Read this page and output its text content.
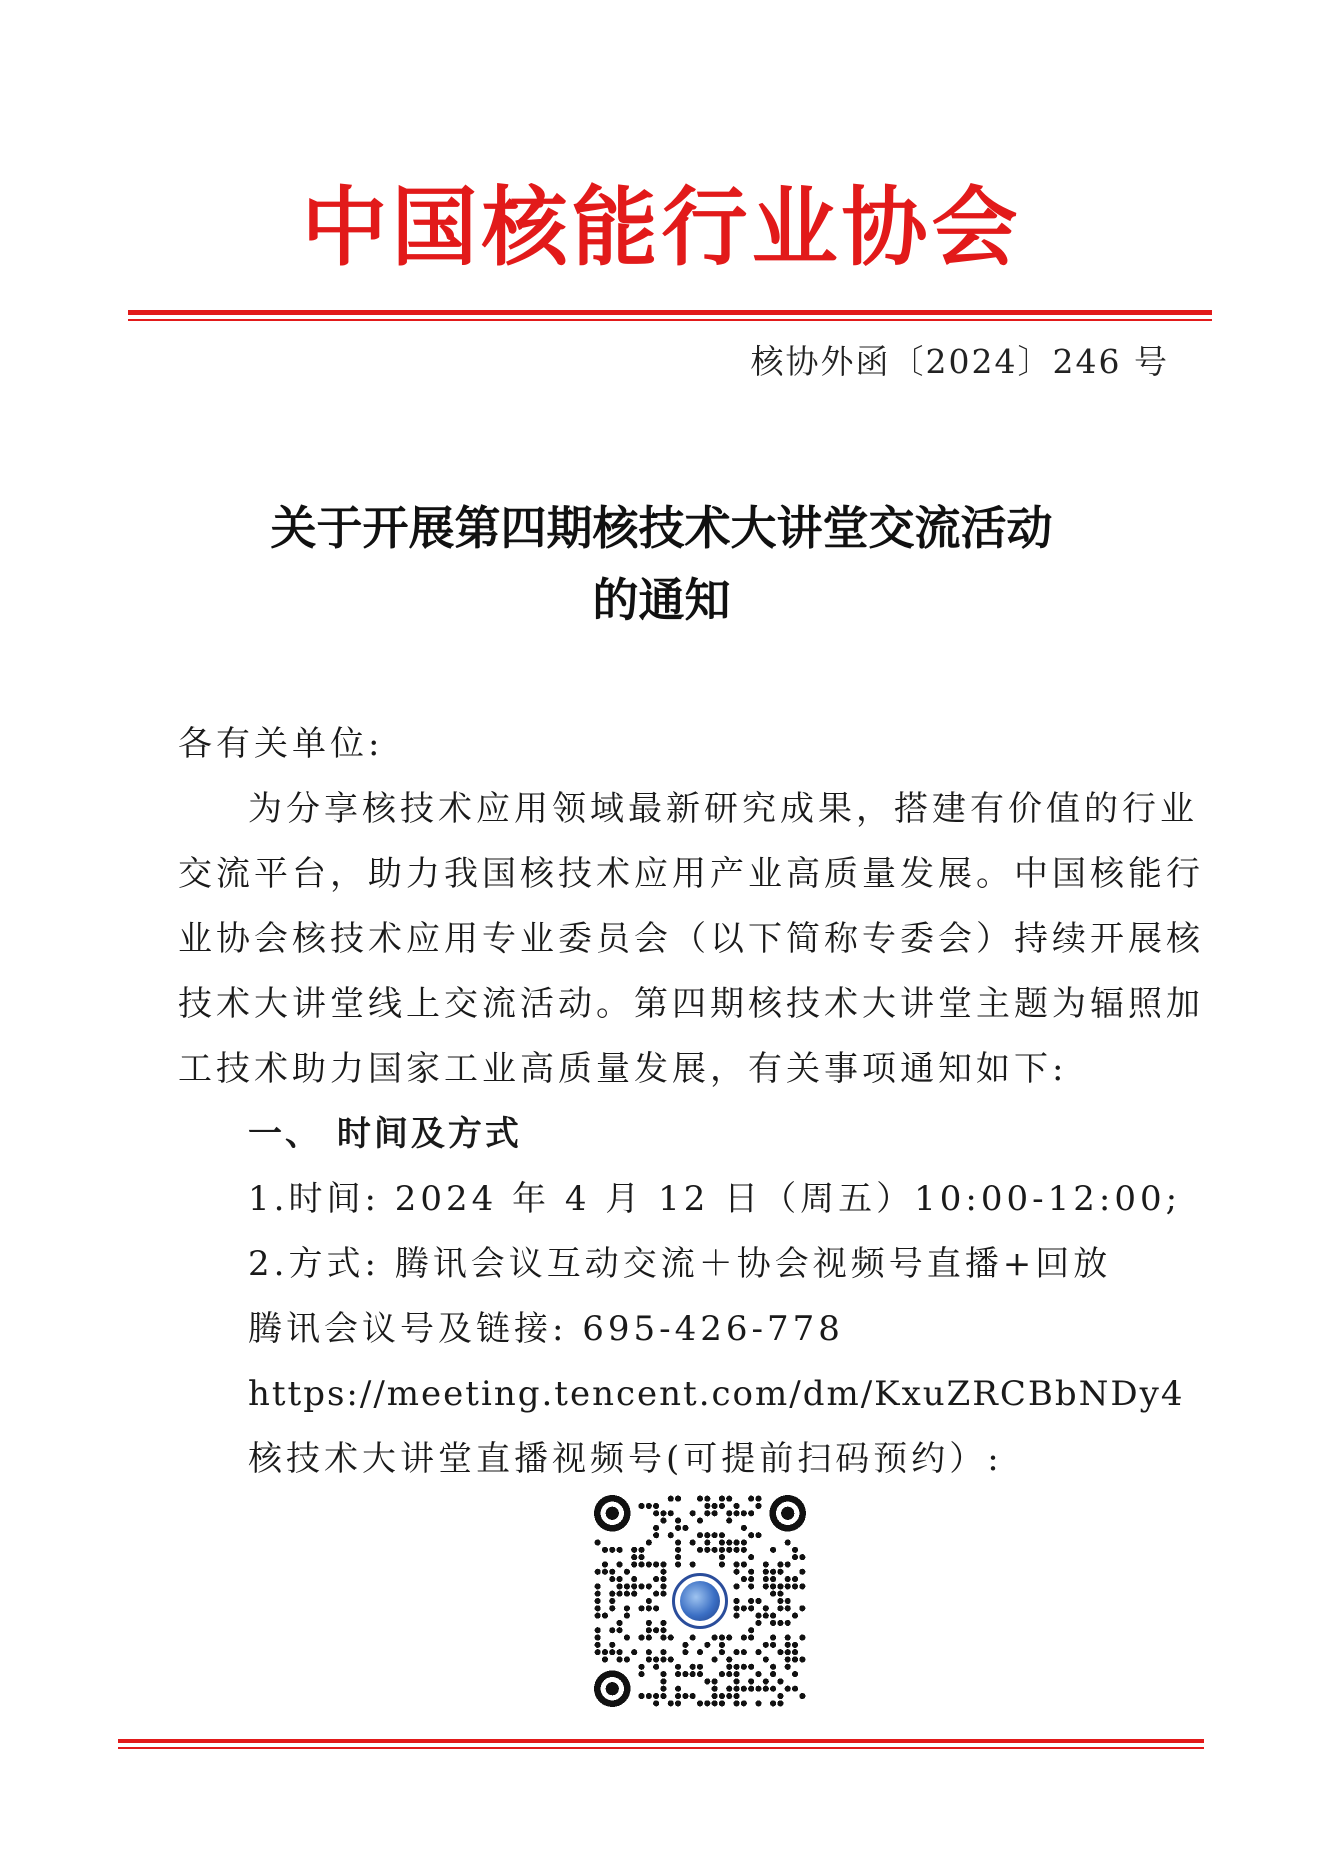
中国核能行业协会
核协外函〔2024〕246 号
关于开展第四期核技术大讲堂交流活动
的通知
各有关单位:
为分享核技术应用领域最新研究成果，搭建有价值的行业
交流平台，助力我国核技术应用产业高质量发展。中国核能行
业协会核技术应用专业委员会（以下简称专委会）持续开展核
技术大讲堂线上交流活动。第四期核技术大讲堂主题为辐照加
工技术助力国家工业高质量发展，有关事项通知如下:
一、 时间及方式
1.时间: 2024 年 4 月 12 日（周五）10:00-12:00;
2.方式: 腾讯会议互动交流＋协会视频号直播+回放
腾讯会议号及链接: 695-426-778
https://meeting.tencent.com/dm/KxuZRCBbNDy4
核技术大讲堂直播视频号(可提前扫码预约）:
